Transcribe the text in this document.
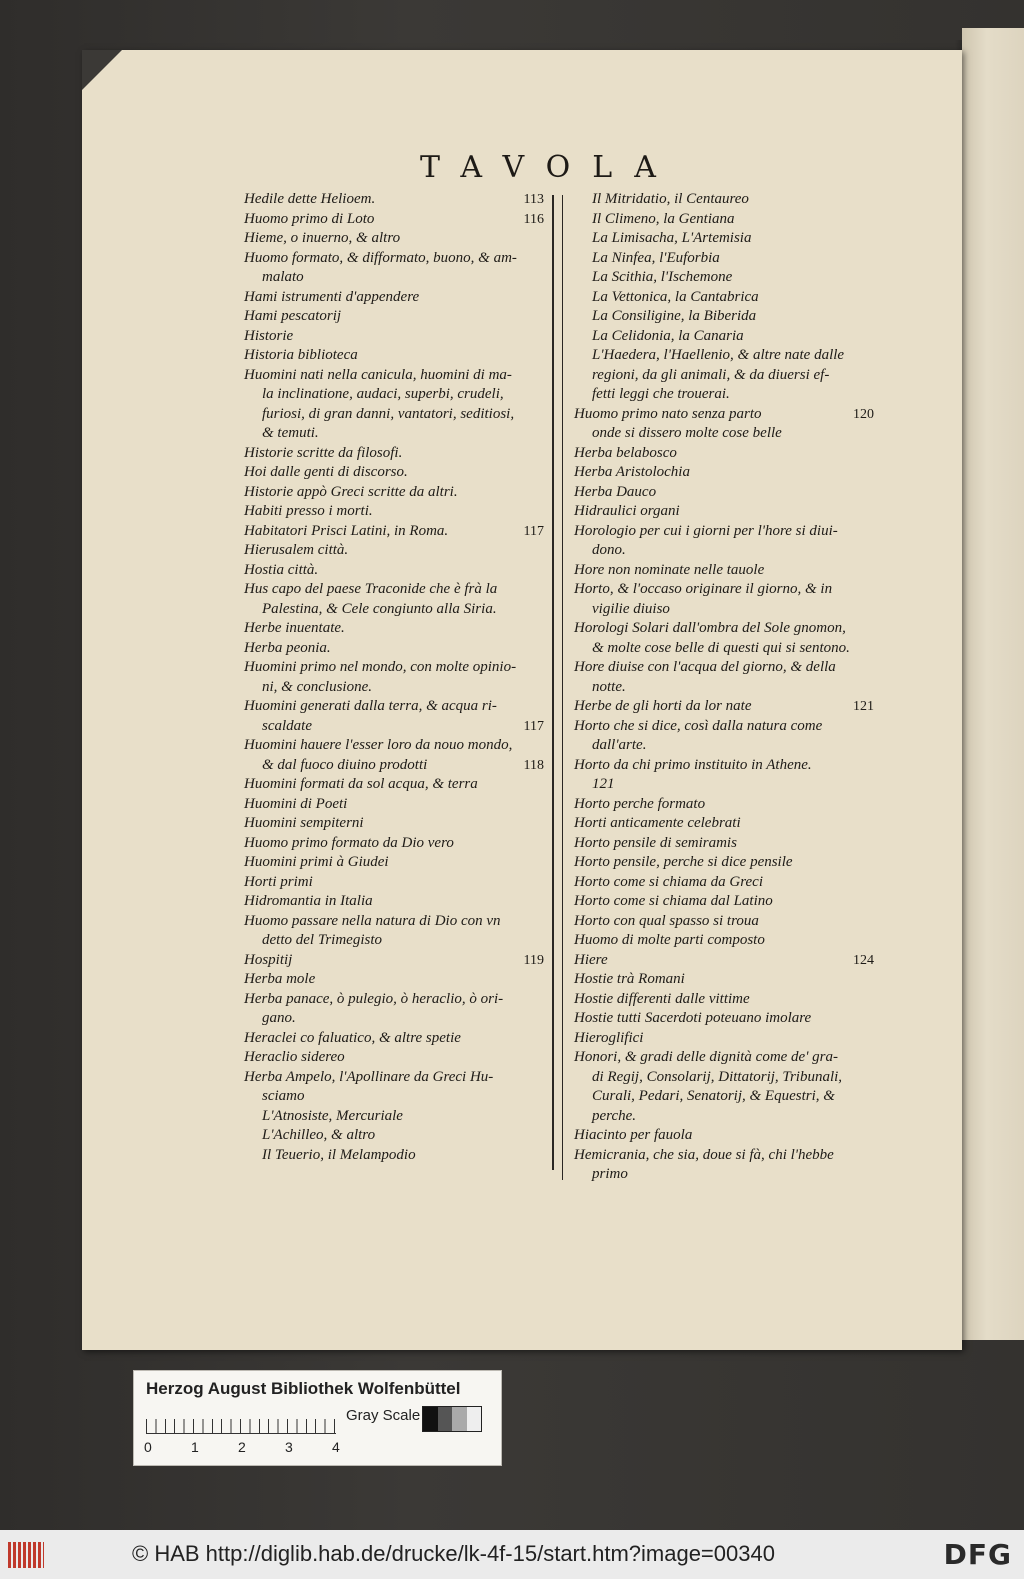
TAVOLA
Hedile dette Helioem.	113
Huomo primo di Loto	116
Hieme, o inuerno, & altro
Huomo formato, & difformato, buono, & am-
malato
Hami istrumenti d'appendere
Hami pescatorij
Historie
Historia biblioteca
Huomini nati nella canicula, huomini di ma-
la inclinatione, audaci, superbi, crudeli,
furiosi, di gran danni, vantatori, seditiosi,
& temuti.
Historie scritte da filosofi.
Hoi dalle genti di discorso.
Historie appò Greci scritte da altri.
Habiti presso i morti.
Habitatori Prisci Latini, in Roma.	117
Hierusalem città.
Hostia città.
Hus capo del paese Traconide che è frà la
Palestina, & Cele congiunto alla Siria.
Herbe inuentate.
Herba peonia.
Huomini primo nel mondo, con molte opinio-
ni, & conclusione.
Huomini generati dalla terra, & acqua ri-
scaldate	117
Huomini hauere l'esser loro da nouo mondo,
& dal fuoco diuino prodotti	118
Huomini formati da sol acqua, & terra
Huomini di Poeti
Huomini sempiterni
Huomo primo formato da Dio vero
Huomini primi à Giudei
Horti primi
Hidromantia in Italia
Huomo passare nella natura di Dio con vn
detto del Trimegisto
Hospitij	119
Herba mole
Herba panace, ò pulegio, ò heraclio, ò ori-
gano.
Heraclei co faluatico, & altre spetie
Heraclio sidereo
Herba Ampelo, l'Apollinare da Greci Hu-
sciamo
L'Atnosiste, Mercuriale
L'Achilleo, & altro
Il Teuerio, il Melampodio
Il Mitridatio, il Centaureo
Il Climeno, la Gentiana
La Limisacha, L'Artemisia
La Ninfea, l'Euforbia
La Scithia, l'Ischemone
La Vettonica, la Cantabrica
La Consiligine, la Biberida
La Celidonia, la Canaria
L'Haedera, l'Haellenio, & altre nate dalle
regioni, da gli animali, & da diuersi ef-
fetti leggi che trouerai.
Huomo primo nato senza parto	120
onde si dissero molte cose belle
Herba belabosco
Herba Aristolochia
Herba Dauco
Hidraulici organi
Horologio per cui i giorni per l'hore si diui-
dono.
Hore non nominate nelle tauole
Horto, & l'occaso originare il giorno, & in
vigilie diuiso
Horologi Solari dall'ombra del Sole gnomon,
& molte cose belle di questi qui si sentono.
Hore diuise con l'acqua del giorno, & della
notte.
Herbe de gli horti da lor nate	121
Horto che si dice, così dalla natura come
dall'arte.
Horto da chi primo instituito in Athene.
121
Horto perche formato
Horti anticamente celebrati
Horto pensile di semiramis
Horto pensile, perche si dice pensile
Horto come si chiama da Greci
Horto come si chiama dal Latino
Horto con qual spasso si troua
Huomo di molte parti composto
Hiere	124
Hostie trà Romani
Hostie differenti dalle vittime
Hostie tutti Sacerdoti poteuano imolare
Hieroglifici
Honori, & gradi delle dignità come de' gra-
di Regij, Consolarij, Dittatorij, Tribunali,
Curali, Pedari, Senatorij, & Equestri, &
perche.
Hiacinto per fauola
Hemicrania, che sia, doue si fà, chi l'hebbe
primo
Herzog August Bibliothek Wolfenbüttel
0	1	2	3	4
Gray Scale
© HAB http://diglib.hab.de/drucke/lk-4f-15/start.htm?image=00340	DFG
